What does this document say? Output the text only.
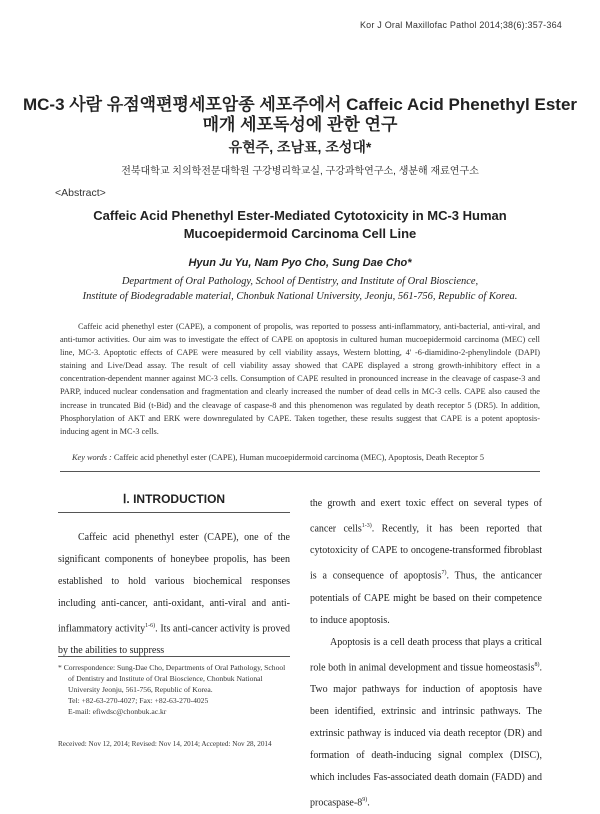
Kor J Oral Maxillofac Pathol 2014;38(6):357-364
MC-3 사람 유점액편평세포암종 세포주에서 Caffeic Acid Phenethyl Ester
매개 세포독성에 관한 연구
유현주, 조남표, 조성대*
전북대학교 치의학전문대학원 구강병리학교실, 구강과학연구소, 생분해 재료연구소
<Abstract>
Caffeic Acid Phenethyl Ester-Mediated Cytotoxicity in MC-3 Human
Mucoepidermoid Carcinoma Cell Line
Hyun Ju Yu, Nam Pyo Cho, Sung Dae Cho*
Department of Oral Pathology, School of Dentistry, and Institute of Oral Bioscience,
Institute of Biodegradable material, Chonbuk National University, Jeonju, 561-756, Republic of Korea.
Caffeic acid phenethyl ester (CAPE), a component of propolis, was reported to possess anti-inflammatory, anti-bacterial, anti-viral, and anti-tumor activities. Our aim was to investigate the effect of CAPE on apoptosis in cultured human mucoepidermoid carcinoma (MEC) cell line, MC-3. Apoptotic effects of CAPE were measured by cell viability assays, Western blotting, 4' -6-diamidino-2-phenylindole (DAPI) staining and Live/Dead assay. The result of cell viability assay showed that CAPE displayed a strong growth-inhibitory effect in a concentration-dependent manner against MC-3 cells. Consumption of CAPE resulted in pronounced increase in the cleavage of caspase-3 and PARP, induced nuclear condensation and fragmentation and clearly increased the number of dead cells in MC-3 cells. CAPE also caused the increase in truncated Bid (t-Bid) and the cleavage of caspase-8 and this phenomenon was regulated by death receptor 5 (DR5). In addition, Phosphorylation of AKT and ERK were downregulated by CAPE. Taken together, these results suggest that CAPE is a potent apoptosis-inducing agent in MC-3 cells.
Key words : Caffeic acid phenethyl ester (CAPE), Human mucoepidermoid carcinoma (MEC), Apoptosis, Death Receptor 5
Ⅰ. INTRODUCTION
Caffeic acid phenethyl ester (CAPE), one of the significant components of honeybee propolis, has been established to hold various biochemical responses including anti-cancer, anti-oxidant, anti-viral and anti-inflammatory activity$^{1-6)}$. Its anti-cancer activity is proved by the abilities to suppress

the growth and exert toxic effect on several types of cancer cells$^{1-3)}$. Recently, it has been reported that cytotoxicity of CAPE to oncogene-transformed fibroblast is a consequence of apoptosis$^{7)}$. Thus, the anticancer potentials of CAPE might be based on their competence to induce apoptosis.

Apoptosis is a cell death process that plays a critical role both in animal development and tissue homeostasis$^{8)}$. Two major pathways for induction of apoptosis have been identified, extrinsic and intrinsic pathways. The extrinsic pathway is induced via death receptor (DR) and formation of death-inducing signal complex (DISC), which includes Fas-associated death domain (FADD) and procaspase-8$^{9)}$.

* Correspondence: Sung-Dae Cho, Departments of Oral Pathology, School of Dentistry and Institute of Oral Bioscience, Chonbuk National University Jeonju, 561-756, Republic of Korea.
Tel: +82-63-270-4027; Fax: +82-63-270-4025
E-mail: efiwdsc@chonbuk.ac.kr
Received: Nov 12, 2014; Revised: Nov 14, 2014; Accepted: Nov 28, 2014
